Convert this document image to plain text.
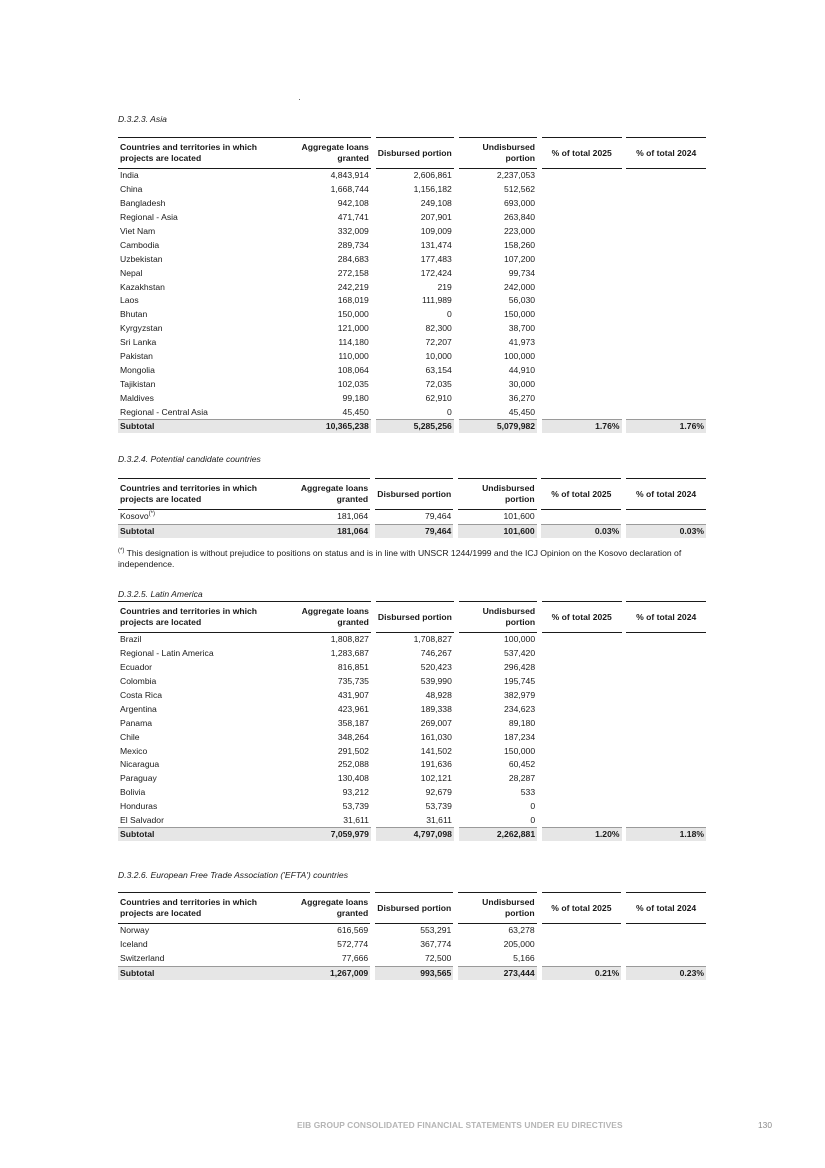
D.3.2.3. Asia
Countries and territories in which projects are located	Aggregate loans granted		Disbursed portion		Undisbursed portion		% of total 2025		% of total 2024
India	4,843,914		2,606,861		2,237,053				
China	1,668,744		1,156,182		512,562				
Bangladesh	942,108		249,108		693,000				
Regional - Asia	471,741		207,901		263,840				
Viet Nam	332,009		109,009		223,000				
Cambodia	289,734		131,474		158,260				
Uzbekistan	284,683		177,483		107,200				
Nepal	272,158		172,424		99,734				
Kazakhstan	242,219		219		242,000				
Laos	168,019		111,989		56,030				
Bhutan	150,000		0		150,000				
Kyrgyzstan	121,000		82,300		38,700				
Sri Lanka	114,180		72,207		41,973				
Pakistan	110,000		10,000		100,000				
Mongolia	108,064		63,154		44,910				
Tajikistan	102,035		72,035		30,000				
Maldives	99,180		62,910		36,270				
Regional - Central Asia	45,450		0		45,450				
Subtotal	10,365,238		5,285,256		5,079,982		1.76%		1.76%
D.3.2.4. Potential candidate countries
Countries and territories in which projects are located	Aggregate loans granted		Disbursed portion		Undisbursed portion		% of total 2025		% of total 2024
Kosovo(*)	181,064		79,464		101,600				
Subtotal	181,064		79,464		101,600		0.03%		0.03%
(*) This designation is without prejudice to positions on status and is in line with UNSCR 1244/1999 and the ICJ Opinion on the Kosovo declaration of independence.
D.3.2.5. Latin America
Countries and territories in which projects are located	Aggregate loans granted		Disbursed portion		Undisbursed portion		% of total 2025		% of total 2024
Brazil	1,808,827		1,708,827		100,000				
Regional - Latin America	1,283,687		746,267		537,420				
Ecuador	816,851		520,423		296,428				
Colombia	735,735		539,990		195,745				
Costa Rica	431,907		48,928		382,979				
Argentina	423,961		189,338		234,623				
Panama	358,187		269,007		89,180				
Chile	348,264		161,030		187,234				
Mexico	291,502		141,502		150,000				
Nicaragua	252,088		191,636		60,452				
Paraguay	130,408		102,121		28,287				
Bolivia	93,212		92,679		533				
Honduras	53,739		53,739		0				
El Salvador	31,611		31,611		0				
Subtotal	7,059,979		4,797,098		2,262,881		1.20%		1.18%
D.3.2.6. European Free Trade Association ('EFTA') countries
Countries and territories in which projects are located	Aggregate loans granted		Disbursed portion		Undisbursed portion		% of total 2025		% of total 2024
Norway	616,569		553,291		63,278				
Iceland	572,774		367,774		205,000				
Switzerland	77,666		72,500		5,166				
Subtotal	1,267,009		993,565		273,444		0.21%		0.23%
EIB GROUP CONSOLIDATED FINANCIAL STATEMENTS UNDER EU DIRECTIVES	130
